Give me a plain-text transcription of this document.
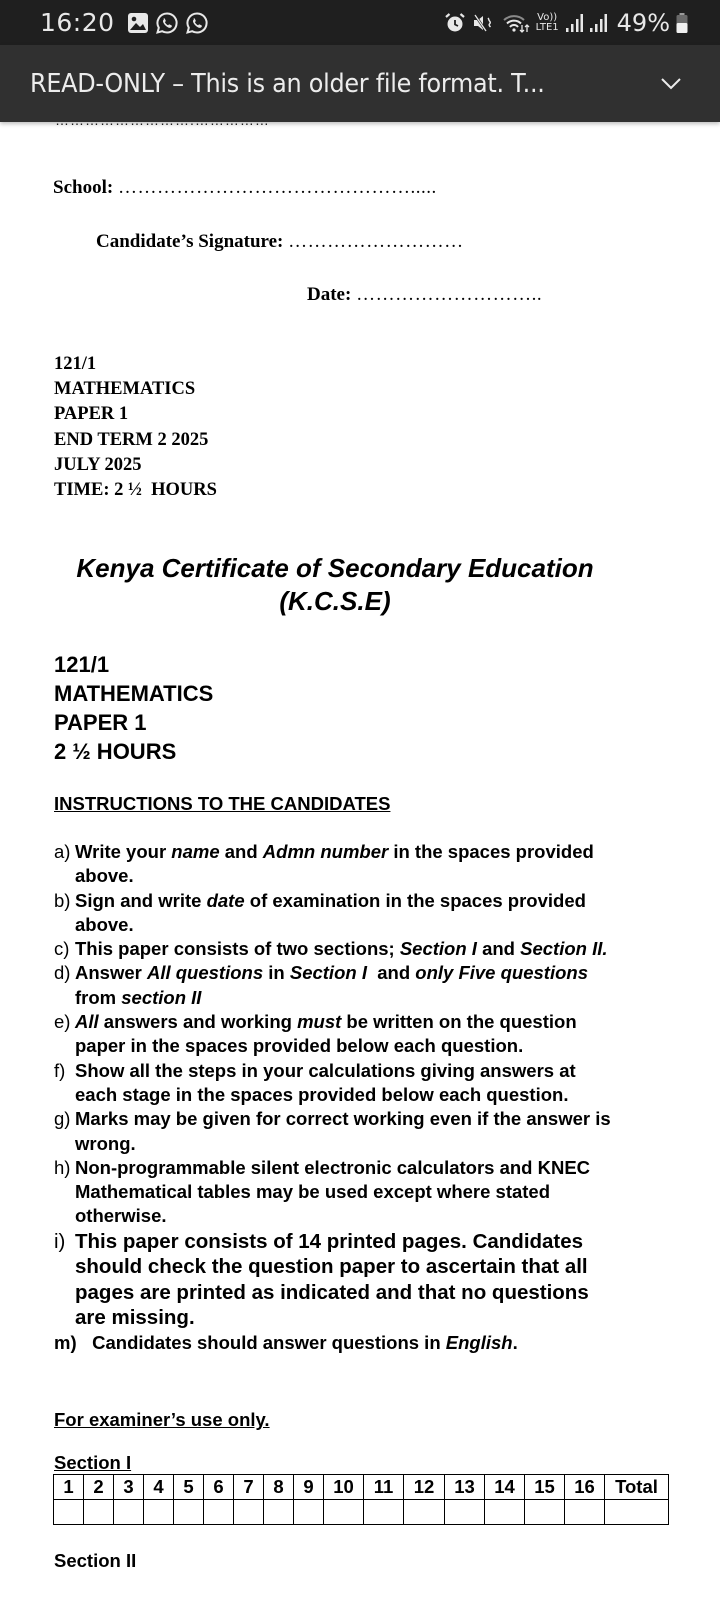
16:20	Vo))
LTE1 49%
READ-ONLY – This is an older file format. T...
School: ……………………………………….....
Candidate’s Signature: ………………………
Date: ………………………..
121/1
MATHEMATICS
PAPER 1
END TERM 2 2025
JULY 2025
TIME: 2 ½  HOURS
Kenya Certificate of Secondary Education
(K.C.S.E)
121/1
MATHEMATICS
PAPER 1
2 ½ HOURS
INSTRUCTIONS TO THE CANDIDATES
a) Write your name and Admn number in the spaces provided above.
b) Sign and write date of examination in the spaces provided above.
c) This paper consists of two sections; Section I and Section II.
d) Answer All questions in Section I  and only Five questions from section II
e) All answers and working must be written on the question paper in the spaces provided below each question.
f) Show all the steps in your calculations giving answers at each stage in the spaces provided below each question.
g) Marks may be given for correct working even if the answer is wrong.
h) Non-programmable silent electronic calculators and KNEC Mathematical tables may be used except where stated otherwise.
i) This paper consists of 14 printed pages. Candidates should check the question paper to ascertain that all pages are printed as indicated and that no questions are missing.
m) Candidates should answer questions in English.
For examiner’s use only.
Section I
1	2	3	4	5	6	7	8	9	10	11	12	13	14	15	16	Total

Section II
